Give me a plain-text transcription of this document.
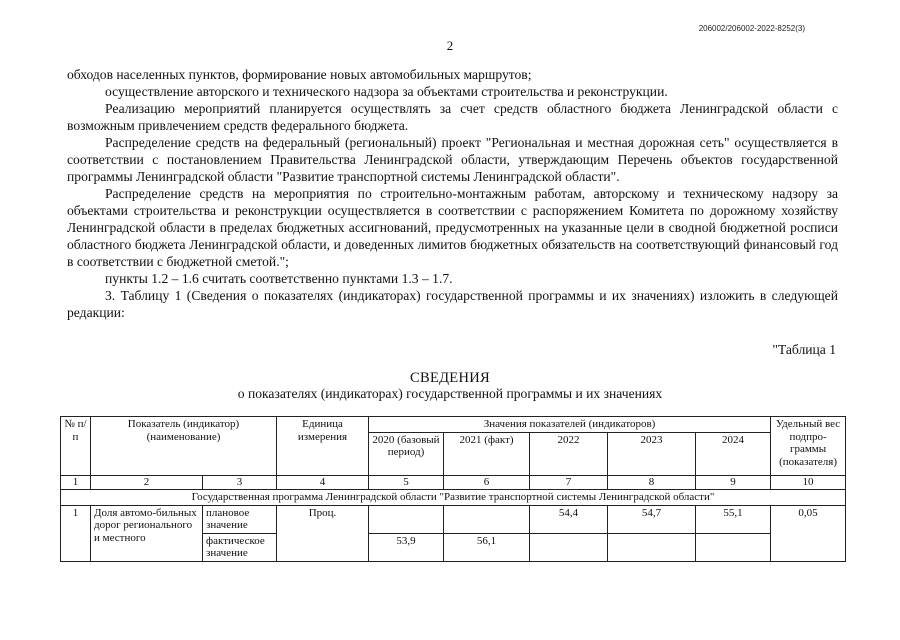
206002/206002-2022-8252(3)
2

обходов населенных пунктов, формирование новых автомобильных маршрутов;

осуществление авторского и технического надзора за объектами строительства и реконструкции.

Реализацию мероприятий планируется осуществлять за счет средств областного бюджета Ленинградской области с возможным привлечением средств федерального бюджета.

Распределение средств на федеральный (региональный) проект "Региональная и местная дорожная сеть" осуществляется в соответствии с постановлением Правительства Ленинградской области, утверждающим Перечень объектов государственной программы Ленинградской области "Развитие транспортной системы Ленинградской области".

Распределение средств на мероприятия по строительно-монтажным работам, авторскому и техническому надзору за объектами строительства и реконструкции осуществляется в соответствии с распоряжением Комитета по дорожному хозяйству Ленинградской области в пределах бюджетных ассигнований, предусмотренных на указанные цели в сводной бюджетной росписи областного бюджета Ленинградской области, и доведенных лимитов бюджетных обязательств на соответствующий финансовый год в соответствии с бюджетной сметой.";

пункты 1.2 – 1.6 считать соответственно пунктами 1.3 – 1.7.

3. Таблицу 1 (Сведения о показателях (индикаторах) государственной программы и их значениях) изложить в следующей редакции:

"Таблица 1
СВЕДЕНИЯ
о показателях (индикаторах) государственной программы и их значениях
№ п/п	Показатель (индикатор) (наименование)		Единица измерения	Значения показателей (индикаторов)					Удельный вес подпро-граммы (показателя)
				2020 (базовый период)	2021 (факт)	2022	2023	2024	
1	2	3	4	5	6	7	8	9	10
Государственная программа Ленинградской области "Развитие транспортной системы Ленинградской области"									
1	Доля автомо-бильных дорог регионального и местного	плановое значение	Проц.			54,4	54,7	55,1	0,05
		фактическое значение		53,9	56,1				
